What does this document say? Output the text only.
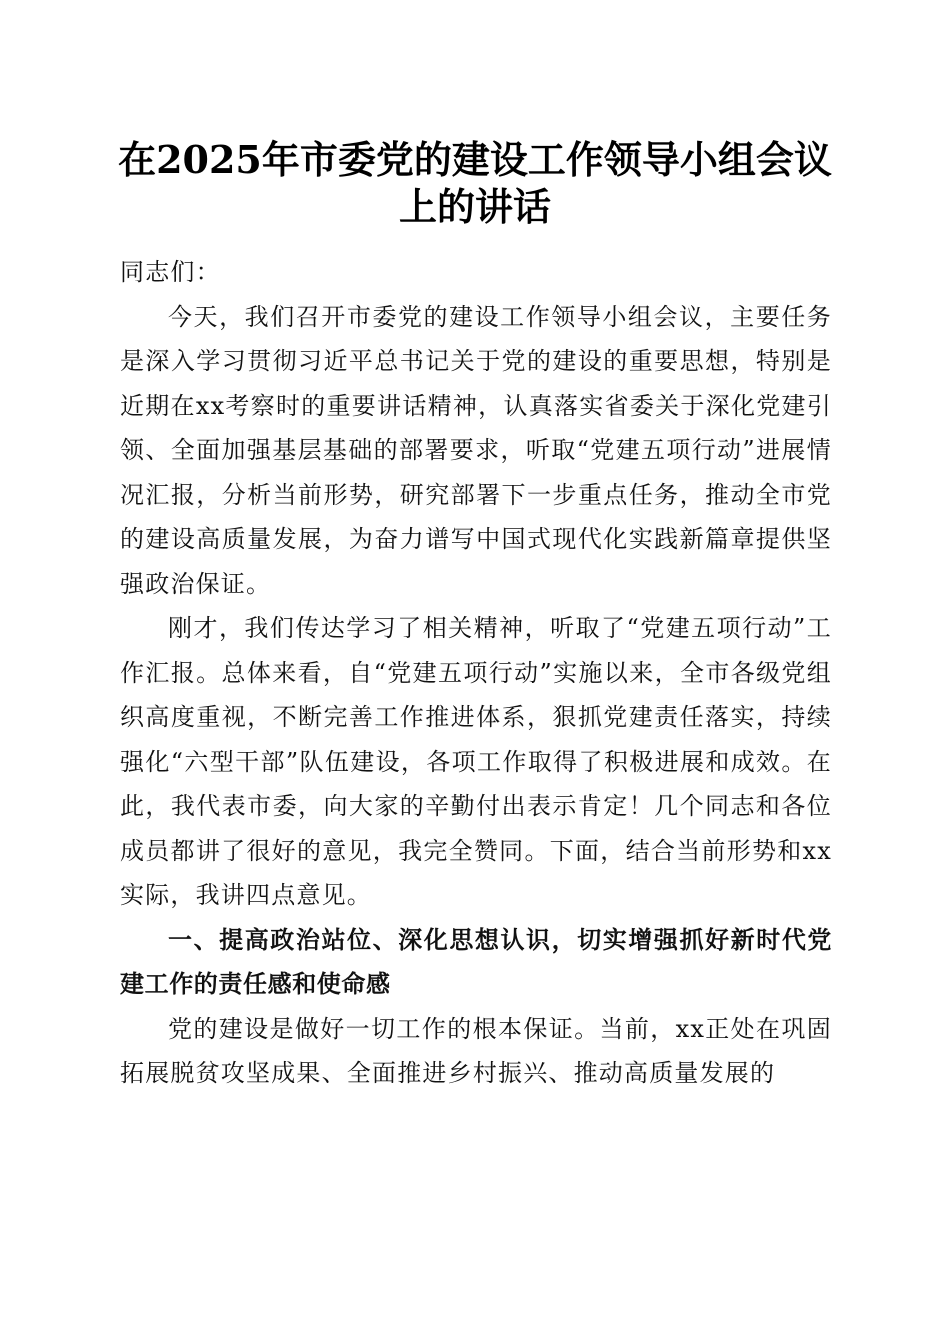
在2025年市委党的建设工作领导小组会议上的讲话

同志们：

今天，我们召开市委党的建设工作领导小组会议，主要任务是深入学习贯彻习近平总书记关于党的建设的重要思想，特别是近期在xx考察时的重要讲话精神，认真落实省委关于深化党建引领、全面加强基层基础的部署要求，听取“党建五项行动”进展情况汇报，分析当前形势，研究部署下一步重点任务，推动全市党的建设高质量发展，为奋力谱写中国式现代化实践新篇章提供坚强政治保证。

刚才，我们传达学习了相关精神，听取了“党建五项行动”工作汇报。总体来看，自“党建五项行动”实施以来，全市各级党组织高度重视，不断完善工作推进体系，狠抓党建责任落实，持续强化“六型干部”队伍建设，各项工作取得了积极进展和成效。在此，我代表市委，向大家的辛勤付出表示肯定！几个同志和各位成员都讲了很好的意见，我完全赞同。下面，结合当前形势和xx实际，我讲四点意见。

一、提高政治站位、深化思想认识，切实增强抓好新时代党建工作的责任感和使命感

党的建设是做好一切工作的根本保证。当前，xx正处在巩固拓展脱贫攻坚成果、全面推进乡村振兴、推动高质量发展的
